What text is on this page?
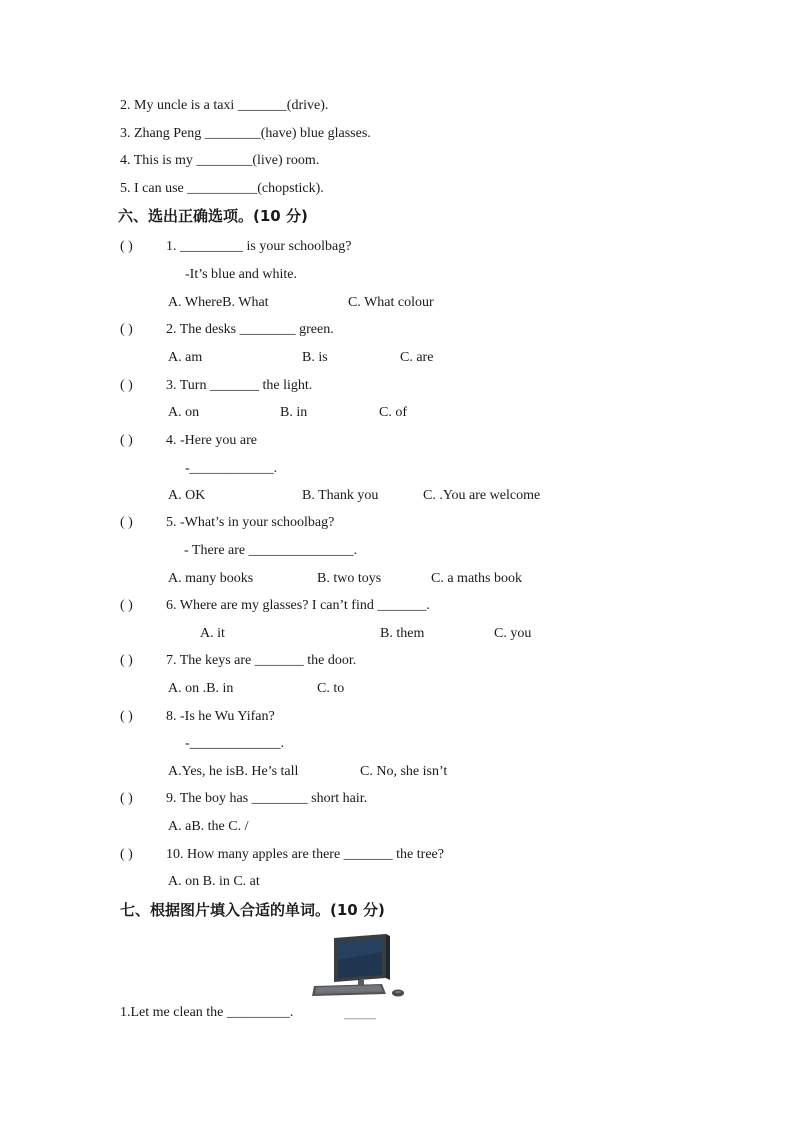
2. My uncle is a taxi _______(drive).
3. Zhang Peng ________(have) blue glasses.
4. This is my ________(live) room.
5. I can use __________(chopstick).
六、选出正确选项。(10 分)
( ) 1. _________ is your schoolbag?
-It’s blue and white.
A. WhereB. What	C. What colour
( ) 2. The desks ________ green.
A. am	B. is	C. are
( ) 3. Turn _______ the light.
A. on	B. in	C. of
( ) 4. -Here you are
-____________.
A. OK	B. Thank you	C. .You are welcome
( ) 5. -What’s in your schoolbag?
- There are _______________.
A. many books	B. two toys	C. a maths book
( ) 6. Where are my glasses? I can’t find _______.
A. it	B. them	C. you
( ) 7. The keys are _______ the door.
A. on .B. in	C. to
( ) 8. -Is he Wu Yifan?
-_____________.
A.Yes, he isB. He’s tall	C. No, she isn’t
( ) 9. The boy has ________ short hair.
A. aB. the C. /
( ) 10. How many apples are there _______ the tree?
A. on B. in C. at
七、根据图片填入合适的单词。(10 分)
1.Let me clean the _________.
